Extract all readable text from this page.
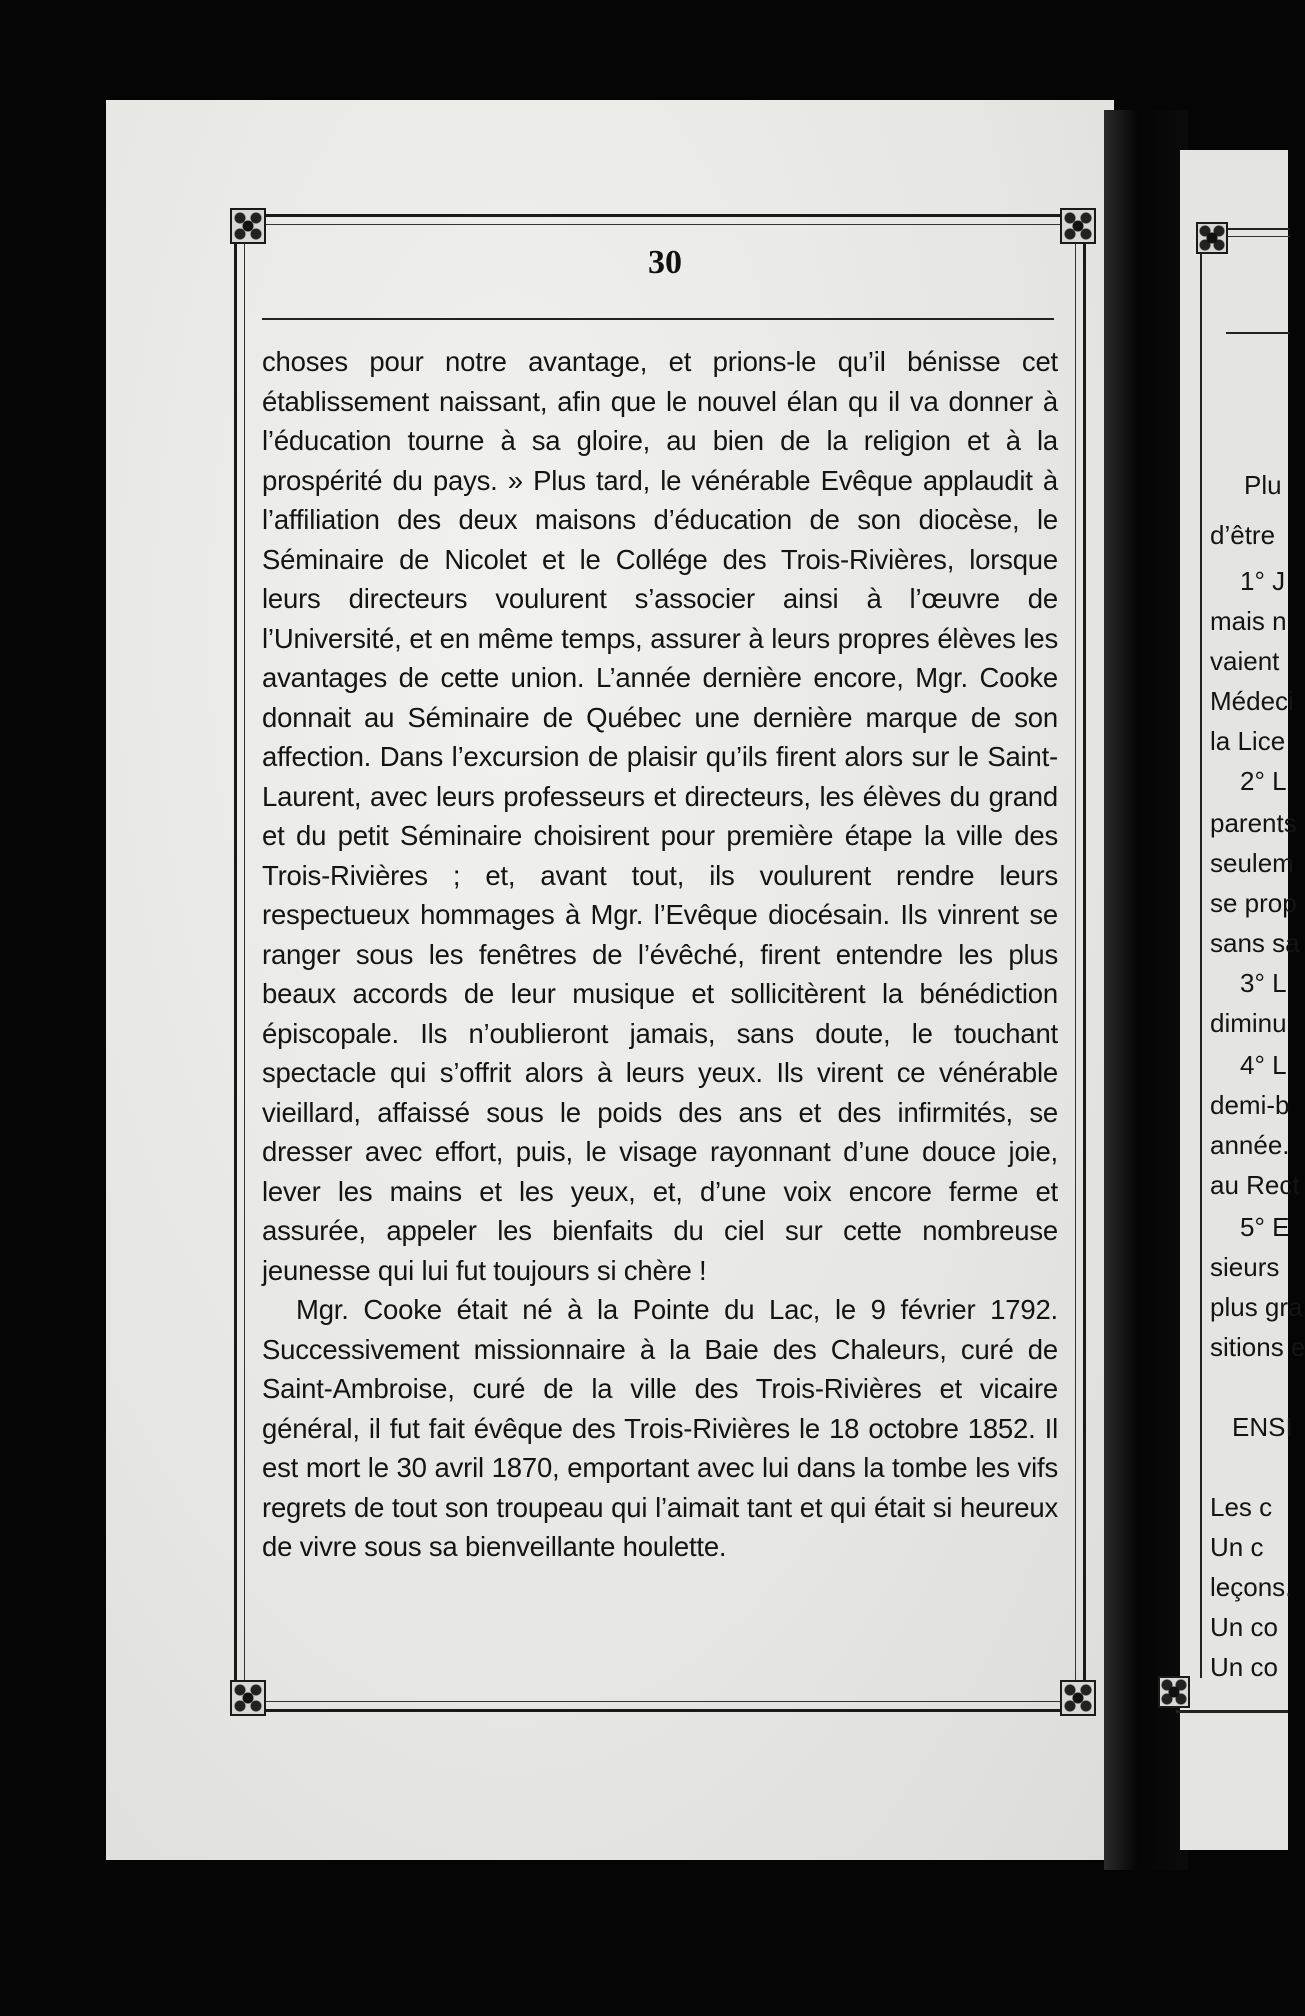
30

choses pour notre avantage, et prions-le qu’il bénisse cet établissement naissant, afin que le nouvel élan qu il va donner à l’éducation tourne à sa gloire, au bien de la religion et à la prospérité du pays. » Plus tard, le vénérable Evêque applaudit à l’affiliation des deux maisons d’éducation de son diocèse, le Séminaire de Nicolet et le Collége des Trois-Rivières, lorsque leurs directeurs voulurent s’associer ainsi à l’œuvre de l’Université, et en même temps, assurer à leurs propres élèves les avantages de cette union. L’année dernière encore, Mgr. Cooke donnait au Séminaire de Québec une dernière marque de son affection. Dans l’excursion de plaisir qu’ils firent alors sur le Saint-Laurent, avec leurs professeurs et directeurs, les élèves du grand et du petit Séminaire choisirent pour première étape la ville des Trois-Rivières ; et, avant tout, ils voulurent rendre leurs respectueux hommages à Mgr. l’Evêque diocésain. Ils vinrent se ranger sous les fenêtres de l’évêché, firent entendre les plus beaux accords de leur musique et sollicitèrent la bénédiction épiscopale. Ils n’oublieront jamais, sans doute, le touchant spectacle qui s’offrit alors à leurs yeux. Ils virent ce vénérable vieillard, affaissé sous le poids des ans et des infirmités, se dresser avec effort, puis, le visage rayonnant d’une douce joie, lever les mains et les yeux, et, d’une voix encore ferme et assurée, appeler les bienfaits du ciel sur cette nombreuse jeunesse qui lui fut toujours si chère !

Mgr. Cooke était né à la Pointe du Lac, le 9 février 1792. Successivement missionnaire à la Baie des Chaleurs, curé de Saint-Ambroise, curé de la ville des Trois-Rivières et vicaire général, il fut fait évêque des Trois-Rivières le 18 octobre 1852. Il est mort le 30 avril 1870, emportant avec lui dans la tombe les vifs regrets de tout son troupeau qui l’aimait tant et qui était si heureux de vivre sous sa bienveillante houlette.

Plu
d’être
1° J
mais n
vaient
Médeci
la Lice
2° L
parents
seulem
se prop
sans sa
3° L
diminu
4° L
demi-b
année.
au Rect
5° E
sieurs
plus gra
sitions e
ENSI
Les c
Un c
leçons.
Un co
Un co
